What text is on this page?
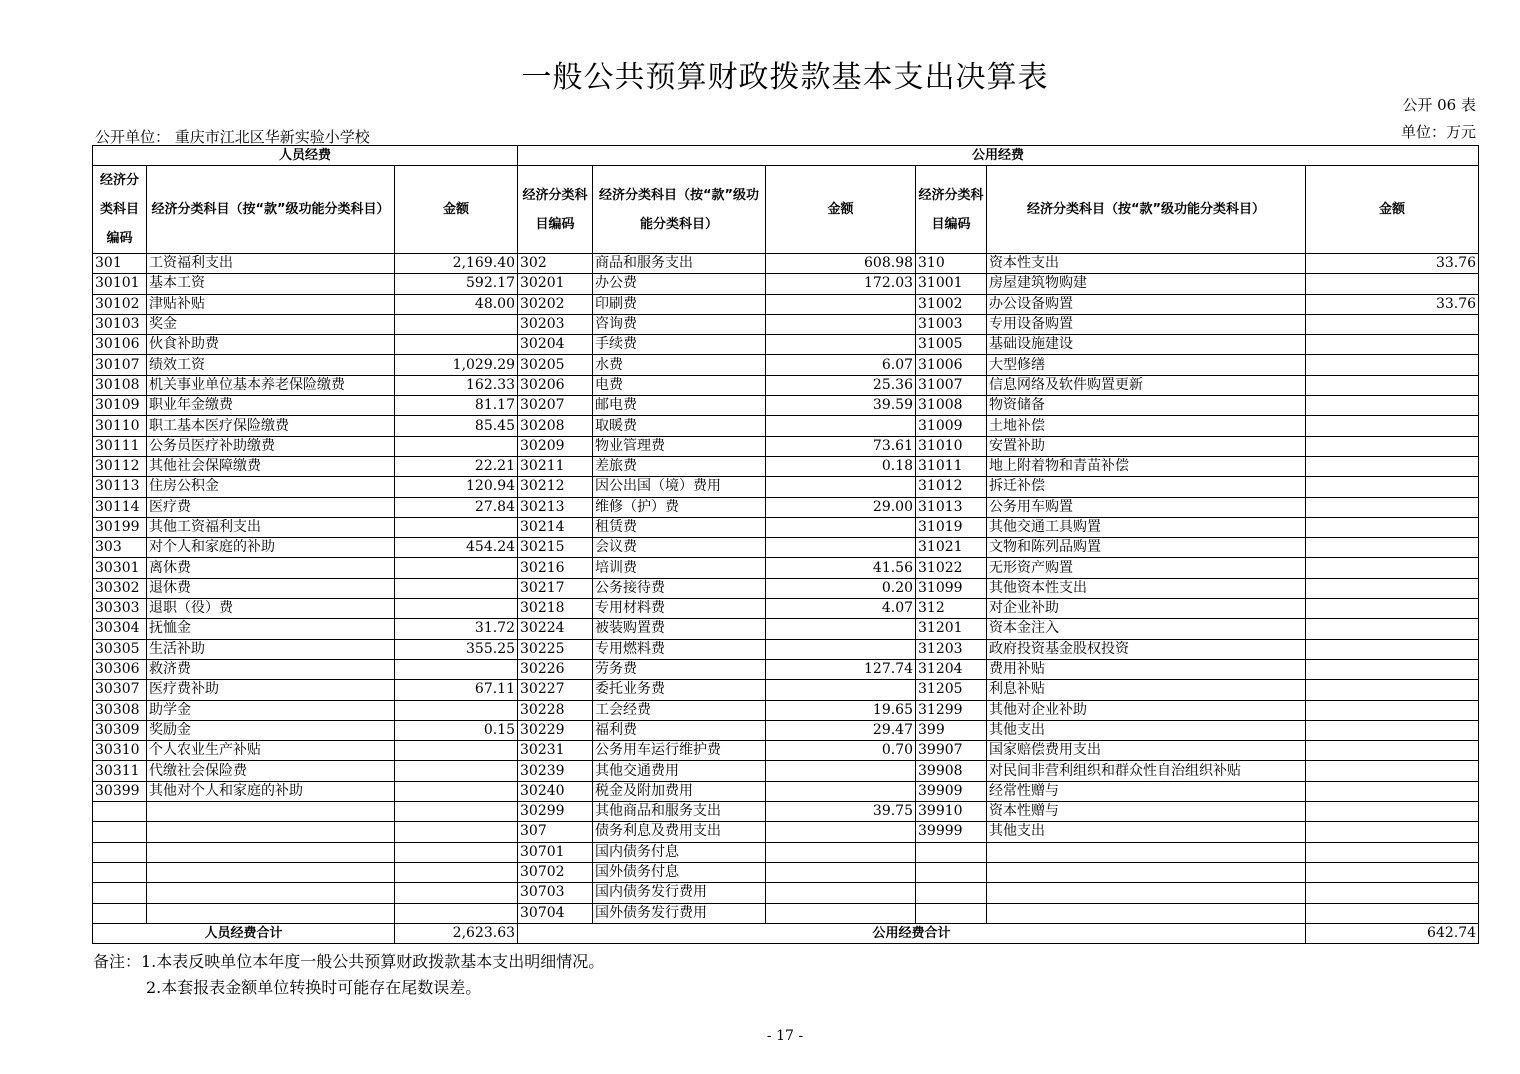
一般公共预算财政拨款基本支出决算表
公开 06 表
单位：万元
公开单位： 重庆市江北区华新实验小学校
人员经费			公用经费					
经济分类科目编码	经济分类科目（按“款”级功能分类科目）	金额	经济分类科目编码	经济分类科目（按“款”级功能分类科目）	金额	经济分类科目编码	经济分类科目（按“款”级功能分类科目）	金额
301	工资福利支出	2,169.40	302	商品和服务支出	608.98	310	资本性支出	33.76
30101	基本工资	592.17	30201	办公费	172.03	31001	房屋建筑物购建	
30102	津贴补贴	48.00	30202	印刷费		31002	办公设备购置	33.76
30103	奖金		30203	咨询费		31003	专用设备购置	
30106	伙食补助费		30204	手续费		31005	基础设施建设	
30107	绩效工资	1,029.29	30205	水费	6.07	31006	大型修缮	
30108	机关事业单位基本养老保险缴费	162.33	30206	电费	25.36	31007	信息网络及软件购置更新	
30109	职业年金缴费	81.17	30207	邮电费	39.59	31008	物资储备	
30110	职工基本医疗保险缴费	85.45	30208	取暖费		31009	土地补偿	
30111	公务员医疗补助缴费		30209	物业管理费	73.61	31010	安置补助	
30112	其他社会保障缴费	22.21	30211	差旅费	0.18	31011	地上附着物和青苗补偿	
30113	住房公积金	120.94	30212	因公出国（境）费用		31012	拆迁补偿	
30114	医疗费	27.84	30213	维修（护）费	29.00	31013	公务用车购置	
30199	其他工资福利支出		30214	租赁费		31019	其他交通工具购置	
303	对个人和家庭的补助	454.24	30215	会议费		31021	文物和陈列品购置	
30301	离休费		30216	培训费	41.56	31022	无形资产购置	
30302	退休费		30217	公务接待费	0.20	31099	其他资本性支出	
30303	退职（役）费		30218	专用材料费	4.07	312	对企业补助	
30304	抚恤金	31.72	30224	被装购置费		31201	资本金注入	
30305	生活补助	355.25	30225	专用燃料费		31203	政府投资基金股权投资	
30306	救济费		30226	劳务费	127.74	31204	费用补贴	
30307	医疗费补助	67.11	30227	委托业务费		31205	利息补贴	
30308	助学金		30228	工会经费	19.65	31299	其他对企业补助	
30309	奖励金	0.15	30229	福利费	29.47	399	其他支出	
30310	个人农业生产补贴		30231	公务用车运行维护费	0.70	39907	国家赔偿费用支出	
30311	代缴社会保险费		30239	其他交通费用		39908	对民间非营利组织和群众性自治组织补贴	
30399	其他对个人和家庭的补助		30240	税金及附加费用		39909	经常性赠与	
			30299	其他商品和服务支出	39.75	39910	资本性赠与	
			307	债务利息及费用支出		39999	其他支出	
			30701	国内债务付息				
			30702	国外债务付息				
			30703	国内债务发行费用				
			30704	国外债务发行费用				
人员经费合计		2,623.63	公用经费合计					642.74
备注：1.本表反映单位本年度一般公共预算财政拨款基本支出明细情况。
2.本套报表金额单位转换时可能存在尾数误差。
- 17 -
